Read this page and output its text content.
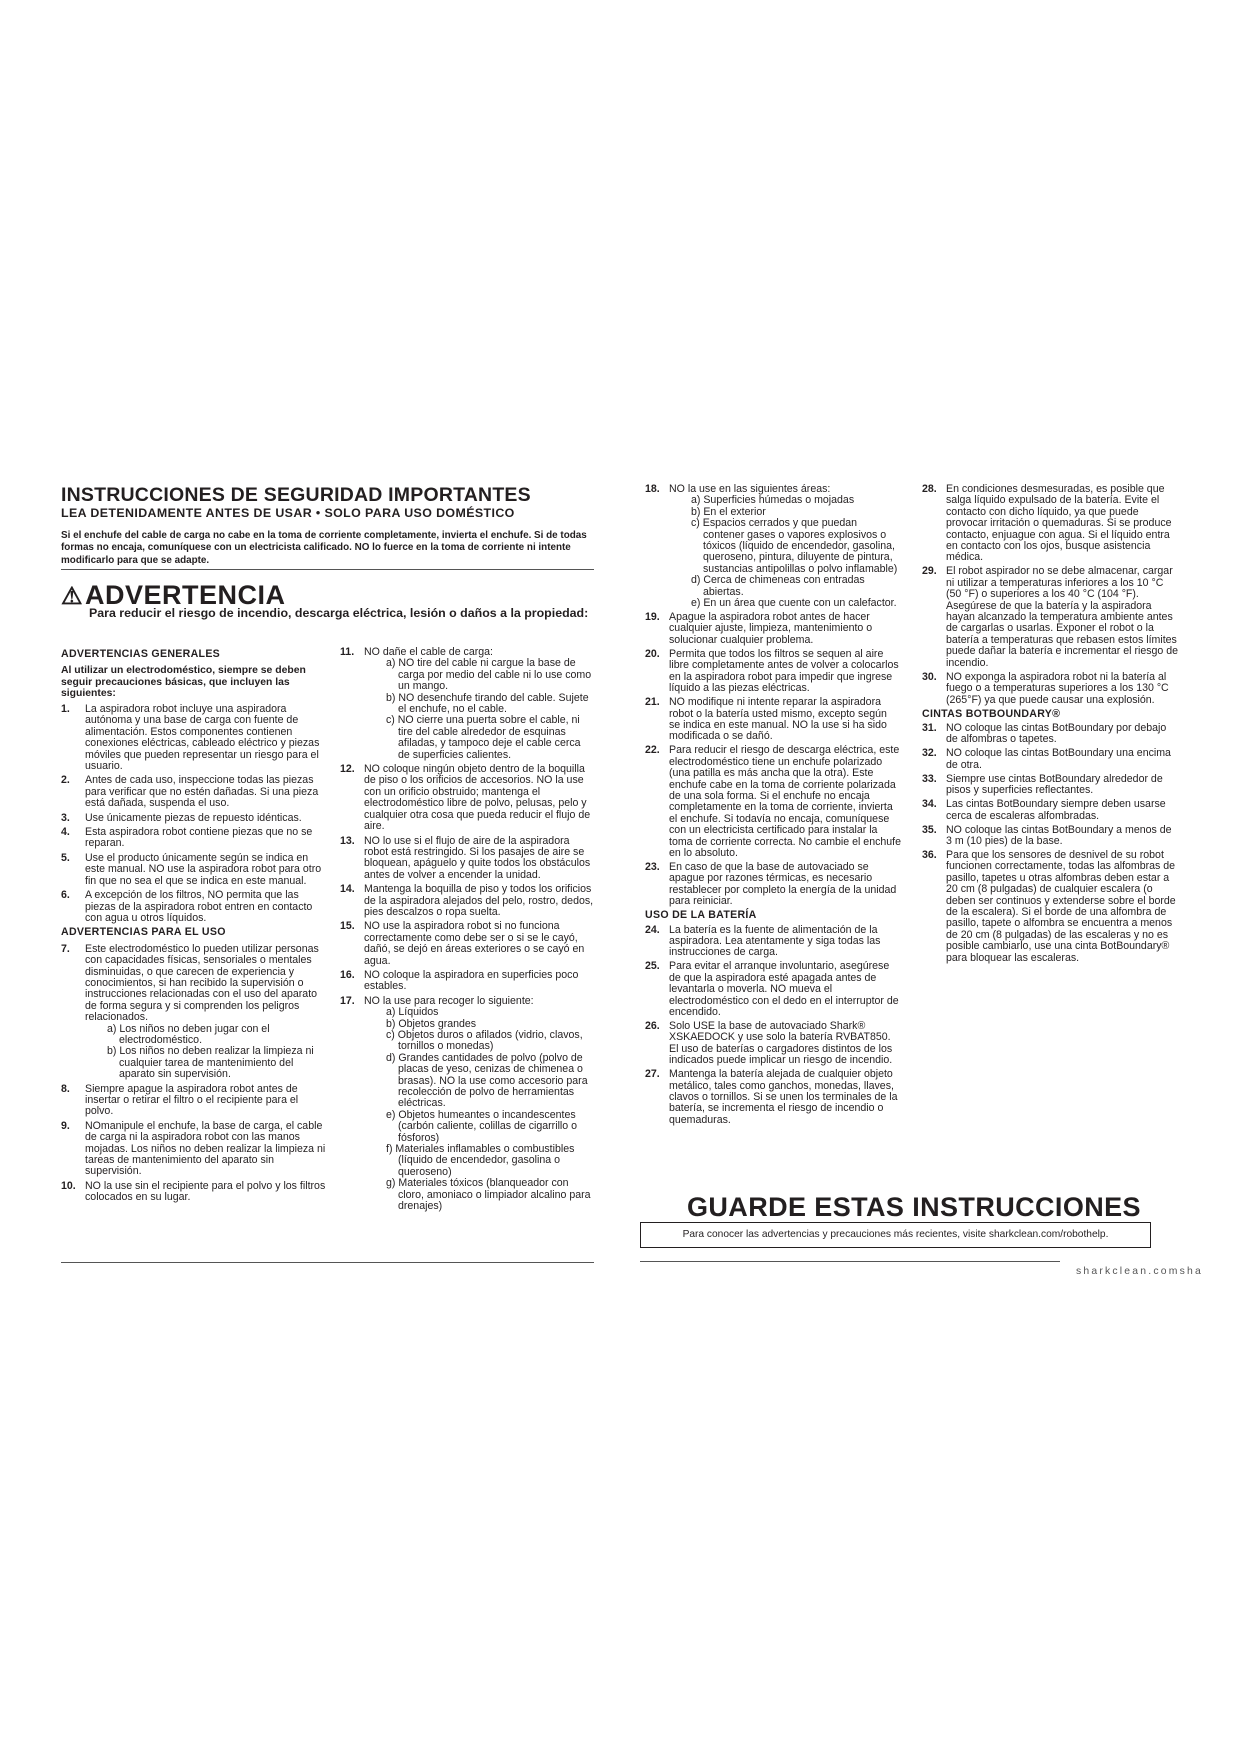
INSTRUCCIONES DE SEGURIDAD IMPORTANTES
LEA DETENIDAMENTE ANTES DE USAR • SOLO PARA USO DOMÉSTICO
Si el enchufe del cable de carga no cabe en la toma de corriente completamente, invierta el enchufe. Si de todas formas no encaja, comuníquese con un electricista calificado. NO lo fuerce en la toma de corriente ni intente modificarlo para que se adapte.
⚠ADVERTENCIA
Para reducir el riesgo de incendio, descarga eléctrica, lesión o daños a la propiedad:
ADVERTENCIAS GENERALES
Al utilizar un electrodoméstico, siempre se deben seguir precauciones básicas, que incluyen las siguientes:
1.	La aspiradora robot incluye una aspiradora autónoma y una base de carga con fuente de alimentación. Estos componentes contienen conexiones eléctricas, cableado eléctrico y piezas móviles que pueden representar un riesgo para el usuario.
2.	Antes de cada uso, inspeccione todas las piezas para verificar que no estén dañadas. Si una pieza está dañada, suspenda el uso.
3.	Use únicamente piezas de repuesto idénticas.
4.	Esta aspiradora robot contiene piezas que no se reparan.
5.	Use el producto únicamente según se indica en este manual. NO use la aspiradora robot para otro fin que no sea el que se indica en este manual.
6.	A excepción de los filtros, NO permita que las piezas de la aspiradora robot entren en contacto con agua u otros líquidos.
ADVERTENCIAS PARA EL USO
7.	Este electrodoméstico lo pueden utilizar personas con capacidades físicas, sensoriales o mentales disminuidas, o que carecen de experiencia y conocimientos, si han recibido la supervisión o instrucciones relacionadas con el uso del aparato de forma segura y si comprenden los peligros relacionados.
a) Los niños no deben jugar con el electrodoméstico.
b) Los niños no deben realizar la limpieza ni cualquier tarea de mantenimiento del aparato sin supervisión.
8.	Siempre apague la aspiradora robot antes de insertar o retirar el filtro o el recipiente para el polvo.
9.	NOmanipule el enchufe, la base de carga, el cable de carga ni la aspiradora robot con las manos mojadas. Los niños no deben realizar la limpieza ni tareas de mantenimiento del aparato sin supervisión.
10. NO la use sin el recipiente para el polvo y los filtros colocados en su lugar.
11. NO dañe el cable de carga:
a) NO tire del cable ni cargue la base de carga por medio del cable ni lo use como un mango.
b) NO desenchufe tirando del cable. Sujete el enchufe, no el cable.
c) NO cierre una puerta sobre el cable, ni tire del cable alrededor de esquinas afiladas, y tampoco deje el cable cerca de superficies calientes.
12. NO coloque ningún objeto dentro de la boquilla de piso o los orificios de accesorios. NO la use con un orificio obstruido; mantenga el electrodoméstico libre de polvo, pelusas, pelo y cualquier otra cosa que pueda reducir el flujo de aire.
13. NO lo use si el flujo de aire de la aspiradora robot está restringido. Si los pasajes de aire se bloquean, apáguelo y quite todos los obstáculos antes de volver a encender la unidad.
14. Mantenga la boquilla de piso y todos los orificios de la aspiradora alejados del pelo, rostro, dedos, pies descalzos o ropa suelta.
15. NO use la aspiradora robot si no funciona correctamente como debe ser o si se le cayó, dañó, se dejó en áreas exteriores o se cayó en agua.
16. NO coloque la aspiradora en superficies poco estables.
17. NO la use para recoger lo siguiente:
a) Líquidos
b) Objetos grandes
c) Objetos duros o afilados (vidrio, clavos, tornillos o monedas)
d) Grandes cantidades de polvo (polvo de placas de yeso, cenizas de chimenea o brasas). NO la use como accesorio para recolección de polvo de herramientas eléctricas.
e) Objetos humeantes o incandescentes (carbón caliente, colillas de cigarrillo o fósforos)
f) Materiales inflamables o combustibles (líquido de encendedor, gasolina o queroseno)
g) Materiales tóxicos (blanqueador con cloro, amoniaco o limpiador alcalino para drenajes)
18. NO la use en las siguientes áreas:
a) Superficies húmedas o mojadas
b) En el exterior
c) Espacios cerrados y que puedan contener gases o vapores explosivos o tóxicos (líquido de encendedor, gasolina, queroseno, pintura, diluyente de pintura, sustancias antipolillas o polvo inflamable)
d) Cerca de chimeneas con entradas abiertas.
e) En un área que cuente con un calefactor.
19. Apague la aspiradora robot antes de hacer cualquier ajuste, limpieza, mantenimiento o solucionar cualquier problema.
20. Permita que todos los filtros se sequen al aire libre completamente antes de volver a colocarlos en la aspiradora robot para impedir que ingrese líquido a las piezas eléctricas.
21. NO modifique ni intente reparar la aspiradora robot o la batería usted mismo, excepto según se indica en este manual. NO la use si ha sido modificada o se dañó.
22. Para reducir el riesgo de descarga eléctrica, este electrodoméstico tiene un enchufe polarizado (una patilla es más ancha que la otra). Este enchufe cabe en la toma de corriente polarizada de una sola forma. Si el enchufe no encaja completamente en la toma de corriente, invierta el enchufe. Si todavía no encaja, comuníquese con un electricista certificado para instalar la toma de corriente correcta. No cambie el enchufe en lo absoluto.
23. En caso de que la base de autovaciado se apague por razones térmicas, es necesario restablecer por completo la energía de la unidad para reiniciar.
USO DE LA BATERÍA
24. La batería es la fuente de alimentación de la aspiradora. Lea atentamente y siga todas las instrucciones de carga.
25. Para evitar el arranque involuntario, asegúrese de que la aspiradora esté apagada antes de levantarla o moverla. NO mueva el electrodoméstico con el dedo en el interruptor de encendido.
26. Solo USE la base de autovaciado Shark® XSKAEDOCK y use solo la batería RVBAT850. El uso de baterías o cargadores distintos de los indicados puede implicar un riesgo de incendio.
27. Mantenga la batería alejada de cualquier objeto metálico, tales como ganchos, monedas, llaves, clavos o tornillos. Si se unen los terminales de la batería, se incrementa el riesgo de incendio o quemaduras.
28. En condiciones desmesuradas, es posible que salga líquido expulsado de la batería. Evite el contacto con dicho líquido, ya que puede provocar irritación o quemaduras. Si se produce contacto, enjuague con agua. Si el líquido entra en contacto con los ojos, busque asistencia médica.
29. El robot aspirador no se debe almacenar, cargar ni utilizar a temperaturas inferiores a los 10 °C (50 °F) o superiores a los 40 °C (104 °F). Asegúrese de que la batería y la aspiradora hayan alcanzado la temperatura ambiente antes de cargarlas o usarlas. Exponer el robot o la batería a temperaturas que rebasen estos límites puede dañar la batería e incrementar el riesgo de incendio.
30. NO exponga la aspiradora robot ni la batería al fuego o a temperaturas superiores a los 130 °C (265°F) ya que puede causar una explosión.
CINTAS BOTBOUNDARY®
31. NO coloque las cintas BotBoundary por debajo de alfombras o tapetes.
32. NO coloque las cintas BotBoundary una encima de otra.
33. Siempre use cintas BotBoundary alrededor de pisos y superficies reflectantes.
34. Las cintas BotBoundary siempre deben usarse cerca de escaleras alfombradas.
35. NO coloque las cintas BotBoundary a menos de 3 m (10 pies) de la base.
36. Para que los sensores de desnivel de su robot funcionen correctamente, todas las alfombras de pasillo, tapetes u otras alfombras deben estar a 20 cm (8 pulgadas) de cualquier escalera (o deben ser continuos y extenderse sobre el borde de la escalera). Si el borde de una alfombra de pasillo, tapete o alfombra se encuentra a menos de 20 cm (8 pulgadas) de las escaleras y no es posible cambiarlo, use una cinta BotBoundary® para bloquear las escaleras.
GUARDE ESTAS INSTRUCCIONES
Para conocer las advertencias y precauciones más recientes, visite sharkclean.com/robothelp.
sharkclean.comsha
